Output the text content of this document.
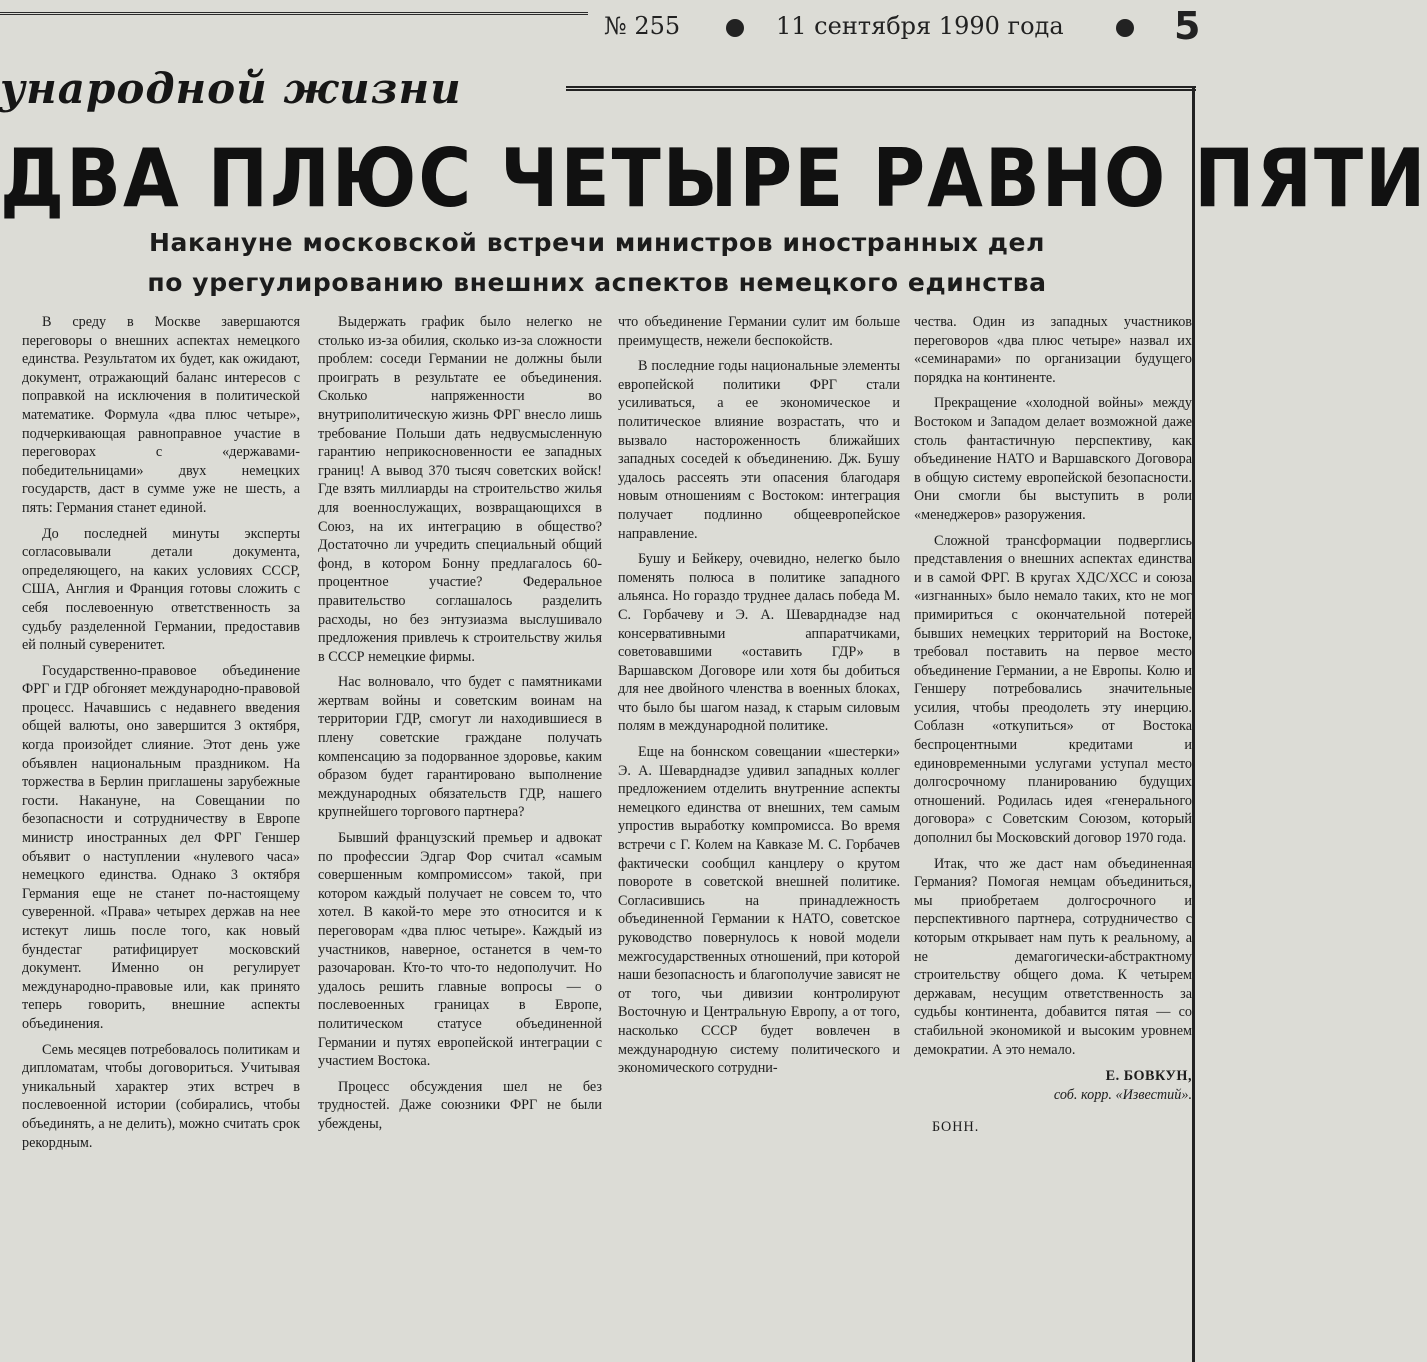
№ 255	11 сентября 1990 года	5
ународной жизни
ДВА ПЛЮС ЧЕТЫРЕ РАВНО ПЯТИ
Накануне московской встречи министров иностранных дел
по урегулированию внешних аспектов немецкого единства

В среду в Москве завершаются переговоры о внешних аспектах немецкого единства. Результатом их будет, как ожидают, документ, отражающий баланс интересов с поправкой на исключения в политической математике. Формула «два плюс четыре», подчеркивающая равноправное участие в переговорах с «державами-победительницами» двух немецких государств, даст в сумме уже не шесть, а пять: Германия станет единой.

До последней минуты эксперты согласовывали детали документа, определяющего, на каких условиях СССР, США, Англия и Франция готовы сложить с себя послевоенную ответственность за судьбу разделенной Германии, предоставив ей полный суверенитет.

Государственно-правовое объединение ФРГ и ГДР обгоняет международно-правовой процесс. Начавшись с недавнего введения общей валюты, оно завершится 3 октября, когда произойдет слияние. Этот день уже объявлен национальным праздником. На торжества в Берлин приглашены зарубежные гости. Накануне, на Совещании по безопасности и сотрудничеству в Европе министр иностранных дел ФРГ Геншер объявит о наступлении «нулевого часа» немецкого единства. Однако 3 октября Германия еще не станет по-настоящему суверенной. «Права» четырех держав на нее истекут лишь после того, как новый бундестаг ратифицирует московский документ. Именно он регулирует международно-правовые или, как принято теперь говорить, внешние аспекты объединения.

Семь месяцев потребовалось политикам и дипломатам, чтобы договориться. Учитывая уникальный характер этих встреч в послевоенной истории (собирались, чтобы объединять, а не делить), можно считать срок рекордным.

Выдержать график было нелегко не столько из-за обилия, сколько из-за сложности проблем: соседи Германии не должны были проиграть в результате ее объединения. Сколько напряженности во внутриполитическую жизнь ФРГ внесло лишь требование Польши дать недвусмысленную гарантию неприкосновенности ее западных границ! А вывод 370 тысяч советских войск! Где взять миллиарды на строительство жилья для военнослужащих, возвращающихся в Союз, на их интеграцию в общество? Достаточно ли учредить специальный общий фонд, в котором Бонну предлагалось 60-процентное участие? Федеральное правительство соглашалось разделить расходы, но без энтузиазма выслушивало предложения привлечь к строительству жилья в СССР немецкие фирмы.

Нас волновало, что будет с памятниками жертвам войны и советским воинам на территории ГДР, смогут ли находившиеся в плену советские граждане получать компенсацию за подорванное здоровье, каким образом будет гарантировано выполнение международных обязательств ГДР, нашего крупнейшего торгового партнера?

Бывший французский премьер и адвокат по профессии Эдгар Фор считал «самым совершенным компромиссом» такой, при котором каждый получает не совсем то, что хотел. В какой-то мере это относится и к переговорам «два плюс четыре». Каждый из участников, наверное, останется в чем-то разочарован. Кто-то что-то недополучит. Но удалось решить главные вопросы — о послевоенных границах в Европе, политическом статусе объединенной Германии и путях европейской интеграции с участием Востока.

Процесс обсуждения шел не без трудностей. Даже союзники ФРГ не были убеждены,

что объединение Германии сулит им больше преимуществ, нежели беспокойств.

В последние годы национальные элементы европейской политики ФРГ стали усиливаться, а ее экономическое и политическое влияние возрастать, что и вызвало настороженность ближайших западных соседей к объединению. Дж. Бушу удалось рассеять эти опасения благодаря новым отношениям с Востоком: интеграция получает подлинно общеевропейское направление.

Бушу и Бейкеру, очевидно, нелегко было поменять полюса в политике западного альянса. Но гораздо труднее далась победа М. С. Горбачеву и Э. А. Шеварднадзе над консервативными аппаратчиками, советовавшими «оставить ГДР» в Варшавском Договоре или хотя бы добиться для нее двойного членства в военных блоках, что было бы шагом назад, к старым силовым полям в международной политике.

Еще на боннском совещании «шестерки» Э. А. Шеварднадзе удивил западных коллег предложением отделить внутренние аспекты немецкого единства от внешних, тем самым упростив выработку компромисса. Во время встречи с Г. Колем на Кавказе М. С. Горбачев фактически сообщил канцлеру о крутом повороте в советской внешней политике. Согласившись на принадлежность объединенной Германии к НАТО, советское руководство повернулось к новой модели межгосударственных отношений, при которой наши безопасность и благополучие зависят не от того, чьи дивизии контролируют Восточную и Центральную Европу, а от того, насколько СССР будет вовлечен в международную систему политического и экономического сотрудни-

чества. Один из западных участников переговоров «два плюс четыре» назвал их «семинарами» по организации будущего порядка на континенте.

Прекращение «холодной войны» между Востоком и Западом делает возможной даже столь фантастичную перспективу, как объединение НАТО и Варшавского Договора в общую систему европейской безопасности. Они смогли бы выступить в роли «менеджеров» разоружения.

Сложной трансформации подверглись представления о внешних аспектах единства и в самой ФРГ. В кругах ХДС/ХСС и союза «изгнанных» было немало таких, кто не мог примириться с окончательной потерей бывших немецких территорий на Востоке, требовал поставить на первое место объединение Германии, а не Европы. Колю и Геншеру потребовались значительные усилия, чтобы преодолеть эту инерцию. Соблазн «откупиться» от Востока беспроцентными кредитами и единовременными услугами уступал место долгосрочному планированию будущих отношений. Родилась идея «генерального договора» с Советским Союзом, который дополнил бы Московский договор 1970 года.

Итак, что же даст нам объединенная Германия? Помогая немцам объединиться, мы приобретаем долгосрочного и перспективного партнера, сотрудничество с которым открывает нам путь к реальному, а не демагогически-абстрактному строительству общего дома. К четырем державам, несущим ответственность за судьбы континента, добавится пятая — со стабильной экономикой и высоким уровнем демократии. А это немало.

Е. БОВКУН,
соб. корр. «Известий».
БОНН.
